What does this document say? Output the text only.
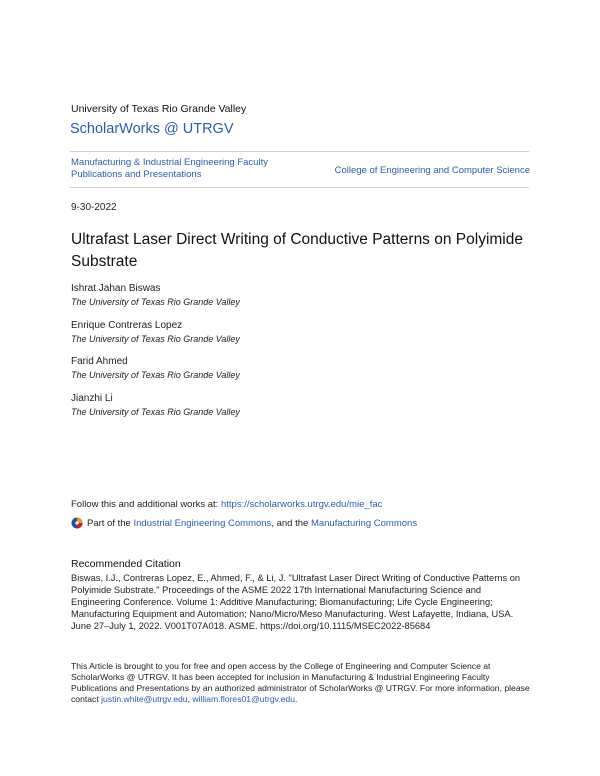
University of Texas Rio Grande Valley
ScholarWorks @ UTRGV
Manufacturing & Industrial Engineering Faculty Publications and Presentations	College of Engineering and Computer Science
9-30-2022
Ultrafast Laser Direct Writing of Conductive Patterns on Polyimide Substrate
Ishrat Jahan Biswas
The University of Texas Rio Grande Valley
Enrique Contreras Lopez
The University of Texas Rio Grande Valley
Farid Ahmed
The University of Texas Rio Grande Valley
Jianzhi Li
The University of Texas Rio Grande Valley
Follow this and additional works at: https://scholarworks.utrgv.edu/mie_fac
Part of the
Industrial Engineering Commons , and the
Manufacturing Commons
Recommended Citation
Biswas, I.J., Contreras Lopez, E., Ahmed, F., & Li, J. "Ultrafast Laser Direct Writing of Conductive Patterns on Polyimide Substrate." Proceedings of the ASME 2022 17th International Manufacturing Science and Engineering Conference. Volume 1: Additive Manufacturing; Biomanufacturing; Life Cycle Engineering; Manufacturing Equipment and Automation; Nano/Micro/Meso Manufacturing. West Lafayette, Indiana, USA. June 27–July 1, 2022. V001T07A018. ASME. https://doi.org/10.1115/MSEC2022-85684
This Article is brought to you for free and open access by the College of Engineering and Computer Science at ScholarWorks @ UTRGV. It has been accepted for inclusion in Manufacturing & Industrial Engineering Faculty Publications and Presentations by an authorized administrator of ScholarWorks @ UTRGV. For more information, please contact justin.white@utrgv.edu, william.flores01@utrgv.edu.
